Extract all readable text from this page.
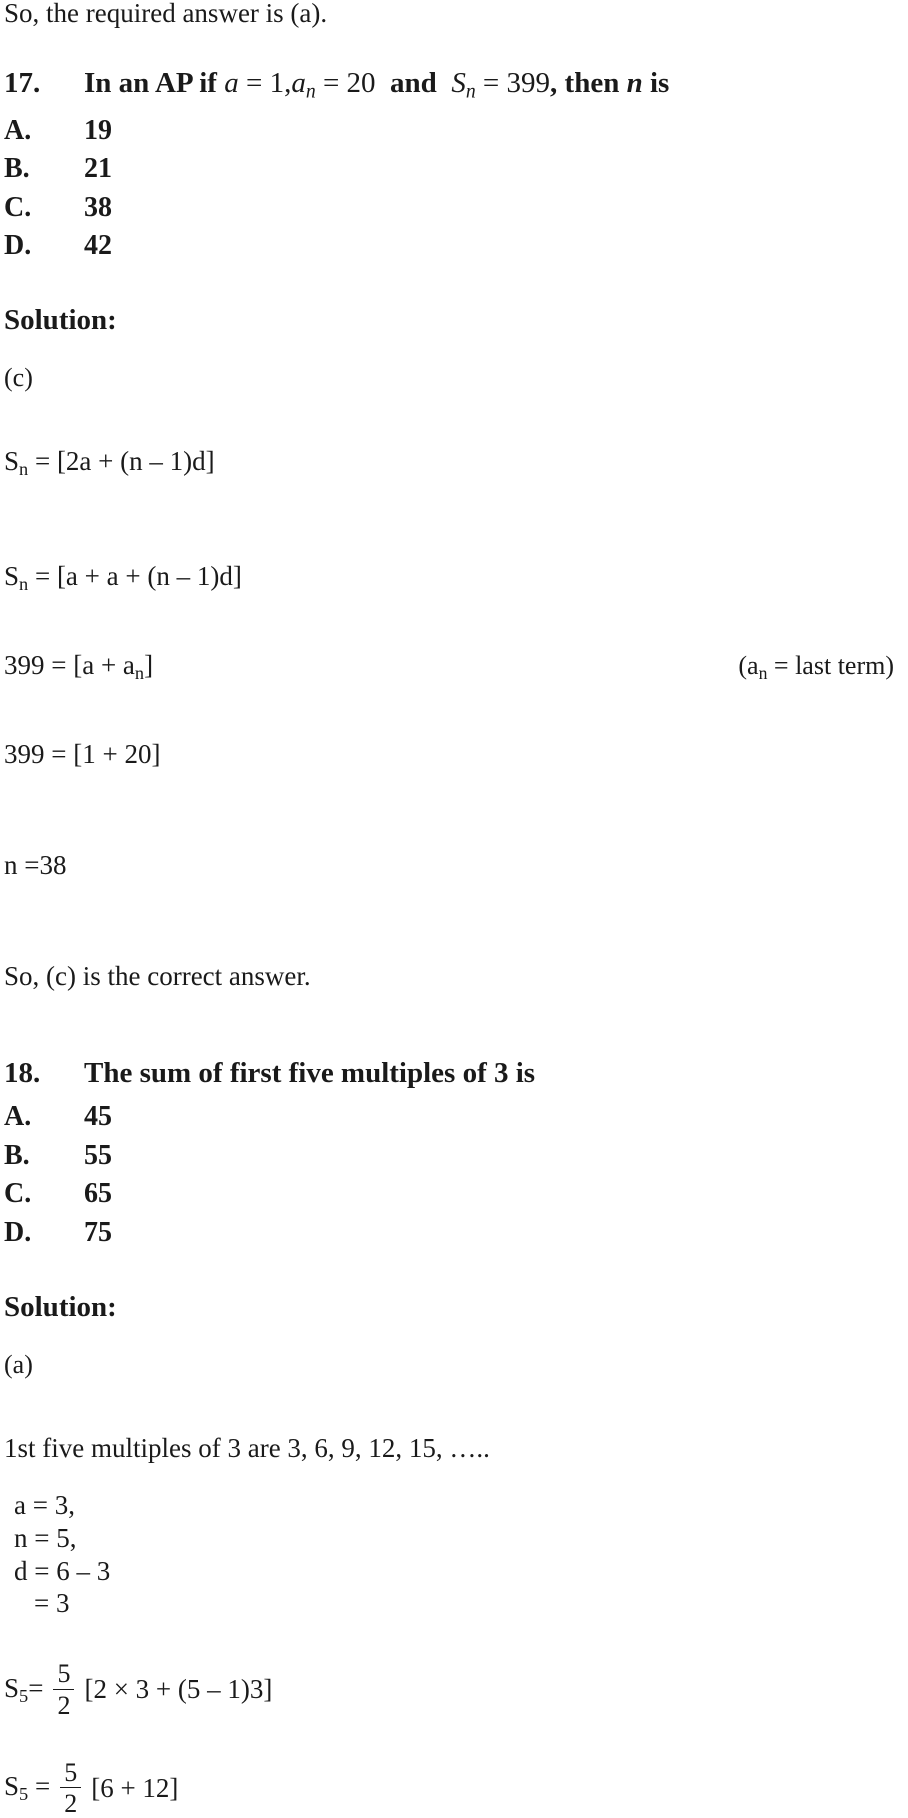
So, the required answer is (a).

17.	In an AP if $a = 1,a_n = 20$ and $S_n = 399$, then n is
A.	19
B.	21
C.	38
D.	42

Solution:

(c)

Sn = [2a + (n – 1)d]

Sn = [a + a + (n – 1)d]

399 = [a + an]	(an = last term)

399 = [1 + 20]

n =38

So, (c) is the correct answer.

18.	The sum of first five multiples of 3 is
A.	45
B.	55
C.	65
D.	75

Solution:

(a)

1st five multiples of 3 are 3, 6, 9, 12, 15, …..

a = 3,
n = 5,
d = 6 – 3
= 3
$S5= \frac{5}{2} [2 \times 3 + (5 - 1)3]$
$S5 = \frac{5}{2} [6 + 12]$
